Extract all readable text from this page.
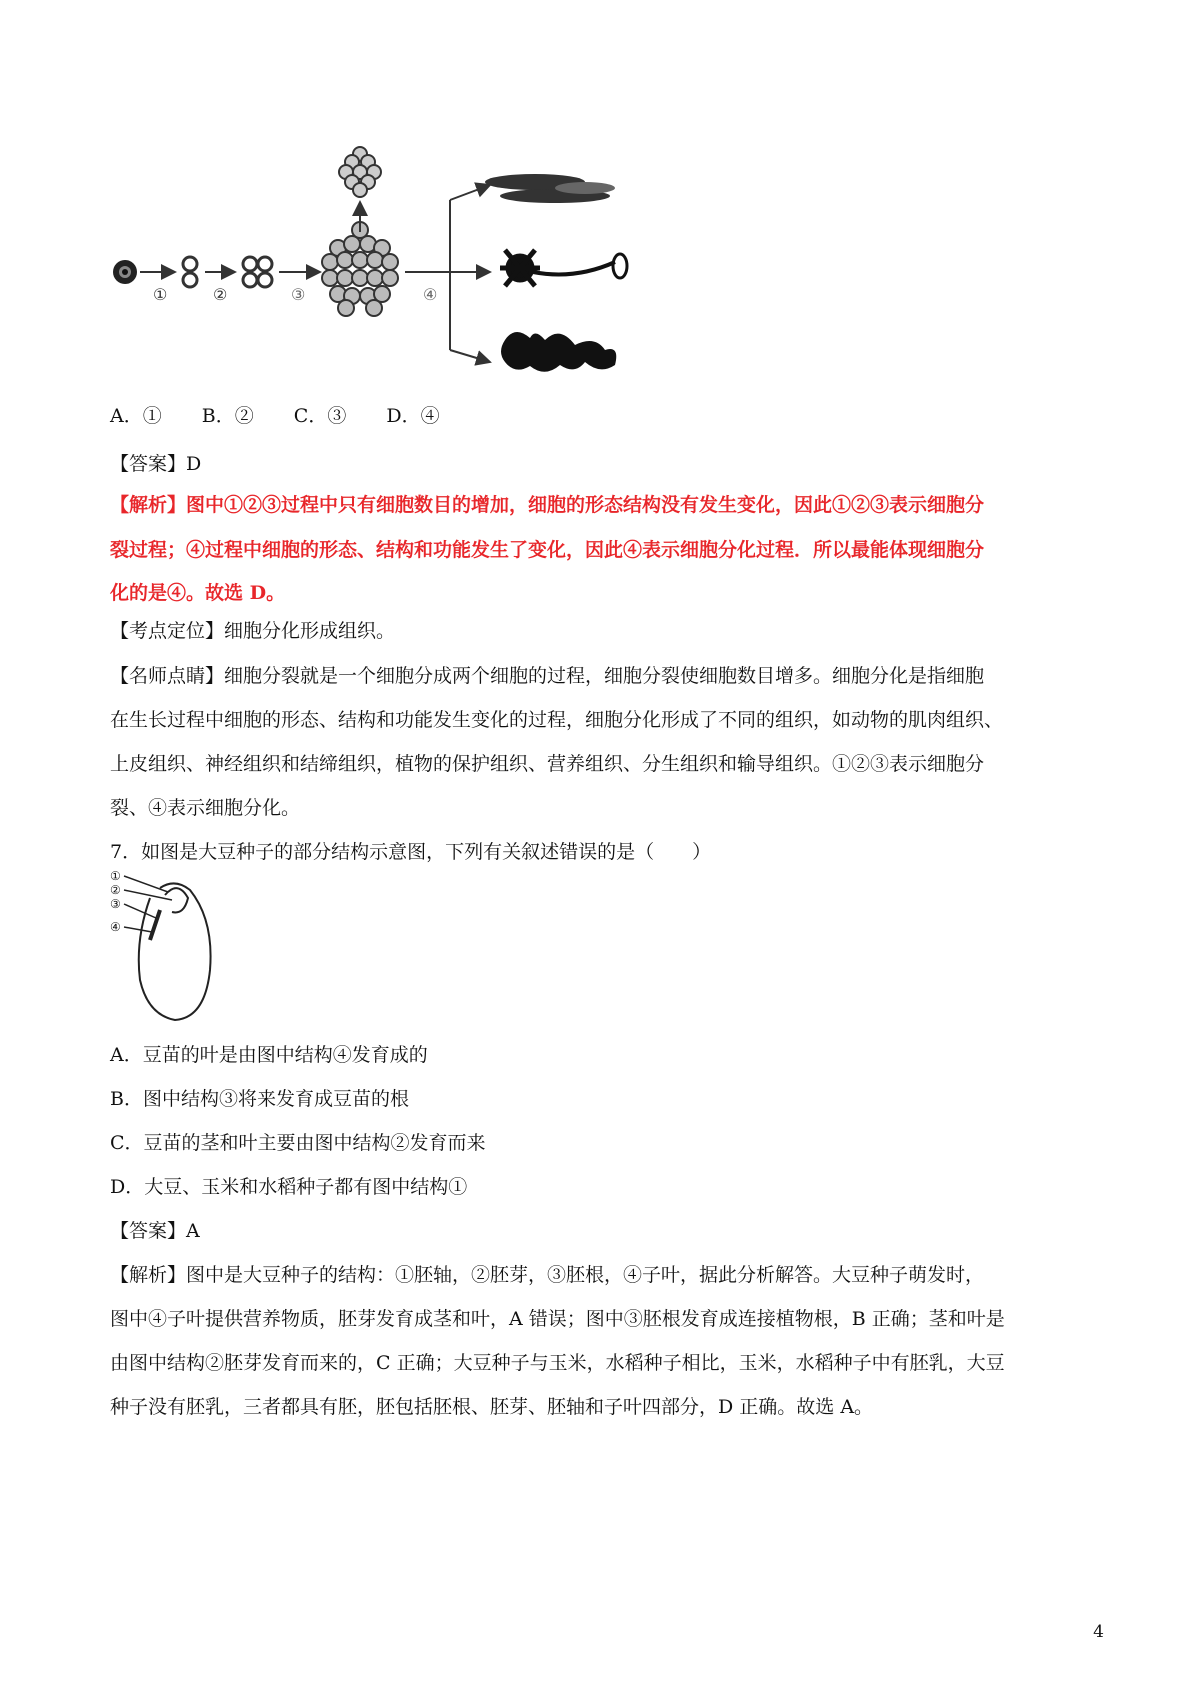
①	②	③	④
A．① B．② C．③ D．④
【答案】D
【解析】图中①②③过程中只有细胞数目的增加，细胞的形态结构没有发生变化，因此①②③表示细胞分
裂过程；④过程中细胞的形态、结构和功能发生了变化，因此④表示细胞分化过程．所以最能体现细胞分
化的是④。故选 D。
【考点定位】细胞分化形成组织。
【名师点睛】细胞分裂就是一个细胞分成两个细胞的过程，细胞分裂使细胞数目增多。细胞分化是指细胞
在生长过程中细胞的形态、结构和功能发生变化的过程，细胞分化形成了不同的组织，如动物的肌肉组织、
上皮组织、神经组织和结缔组织，植物的保护组织、营养组织、分生组织和输导组织。①②③表示细胞分
裂、④表示细胞分化。
7．如图是大豆种子的部分结构示意图，下列有关叙述错误的是（　　）
①
②
③
④
A．豆苗的叶是由图中结构④发育成的
B．图中结构③将来发育成豆苗的根
C．豆苗的茎和叶主要由图中结构②发育而来
D．大豆、玉米和水稻种子都有图中结构①
【答案】A
【解析】图中是大豆种子的结构：①胚轴，②胚芽，③胚根，④子叶，据此分析解答。大豆种子萌发时，
图中④子叶提供营养物质，胚芽发育成茎和叶，A 错误；图中③胚根发育成连接植物根，B 正确；茎和叶是
由图中结构②胚芽发育而来的，C 正确；大豆种子与玉米，水稻种子相比，玉米，水稻种子中有胚乳，大豆
种子没有胚乳，三者都具有胚，胚包括胚根、胚芽、胚轴和子叶四部分，D 正确。故选 A。
4
